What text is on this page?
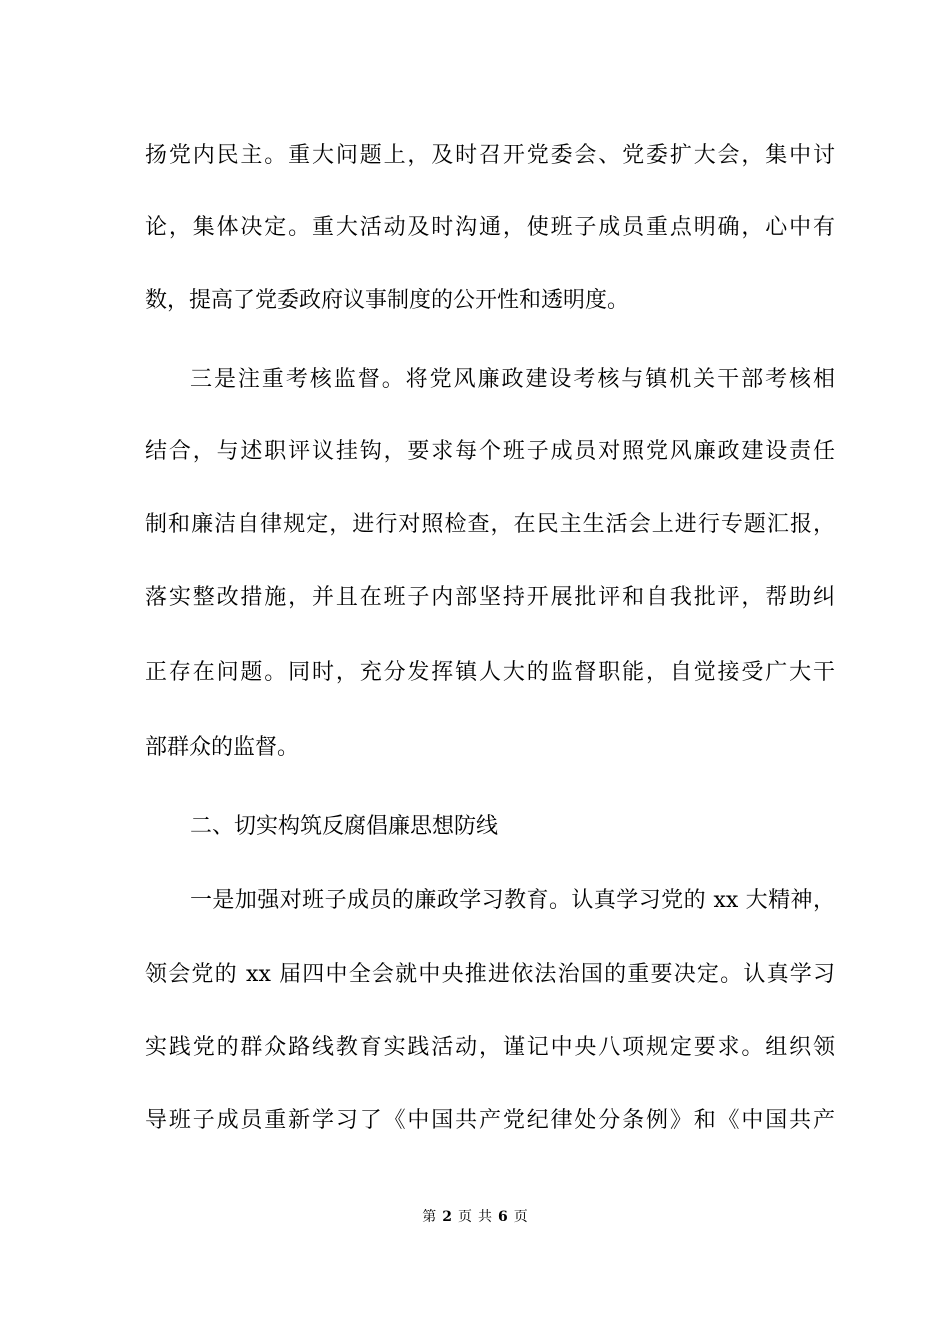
扬党内民主。重大问题上，及时召开党委会、党委扩大会，集中讨
论，集体决定。重大活动及时沟通，使班子成员重点明确，心中有
数，提高了党委政府议事制度的公开性和透明度。
三是注重考核监督。将党风廉政建设考核与镇机关干部考核相
结合，与述职评议挂钩，要求每个班子成员对照党风廉政建设责任
制和廉洁自律规定，进行对照检查，在民主生活会上进行专题汇报，
落实整改措施，并且在班子内部坚持开展批评和自我批评，帮助纠
正存在问题。同时，充分发挥镇人大的监督职能，自觉接受广大干
部群众的监督。
二、切实构筑反腐倡廉思想防线
一是加强对班子成员的廉政学习教育。认真学习党的 xx 大精神，
领会党的 xx 届四中全会就中央推进依法治国的重要决定。认真学习
实践党的群众路线教育实践活动，谨记中央八项规定要求。组织领
导班子成员重新学习了《中国共产党纪律处分条例》和《中国共产
第 2 页 共 6 页
